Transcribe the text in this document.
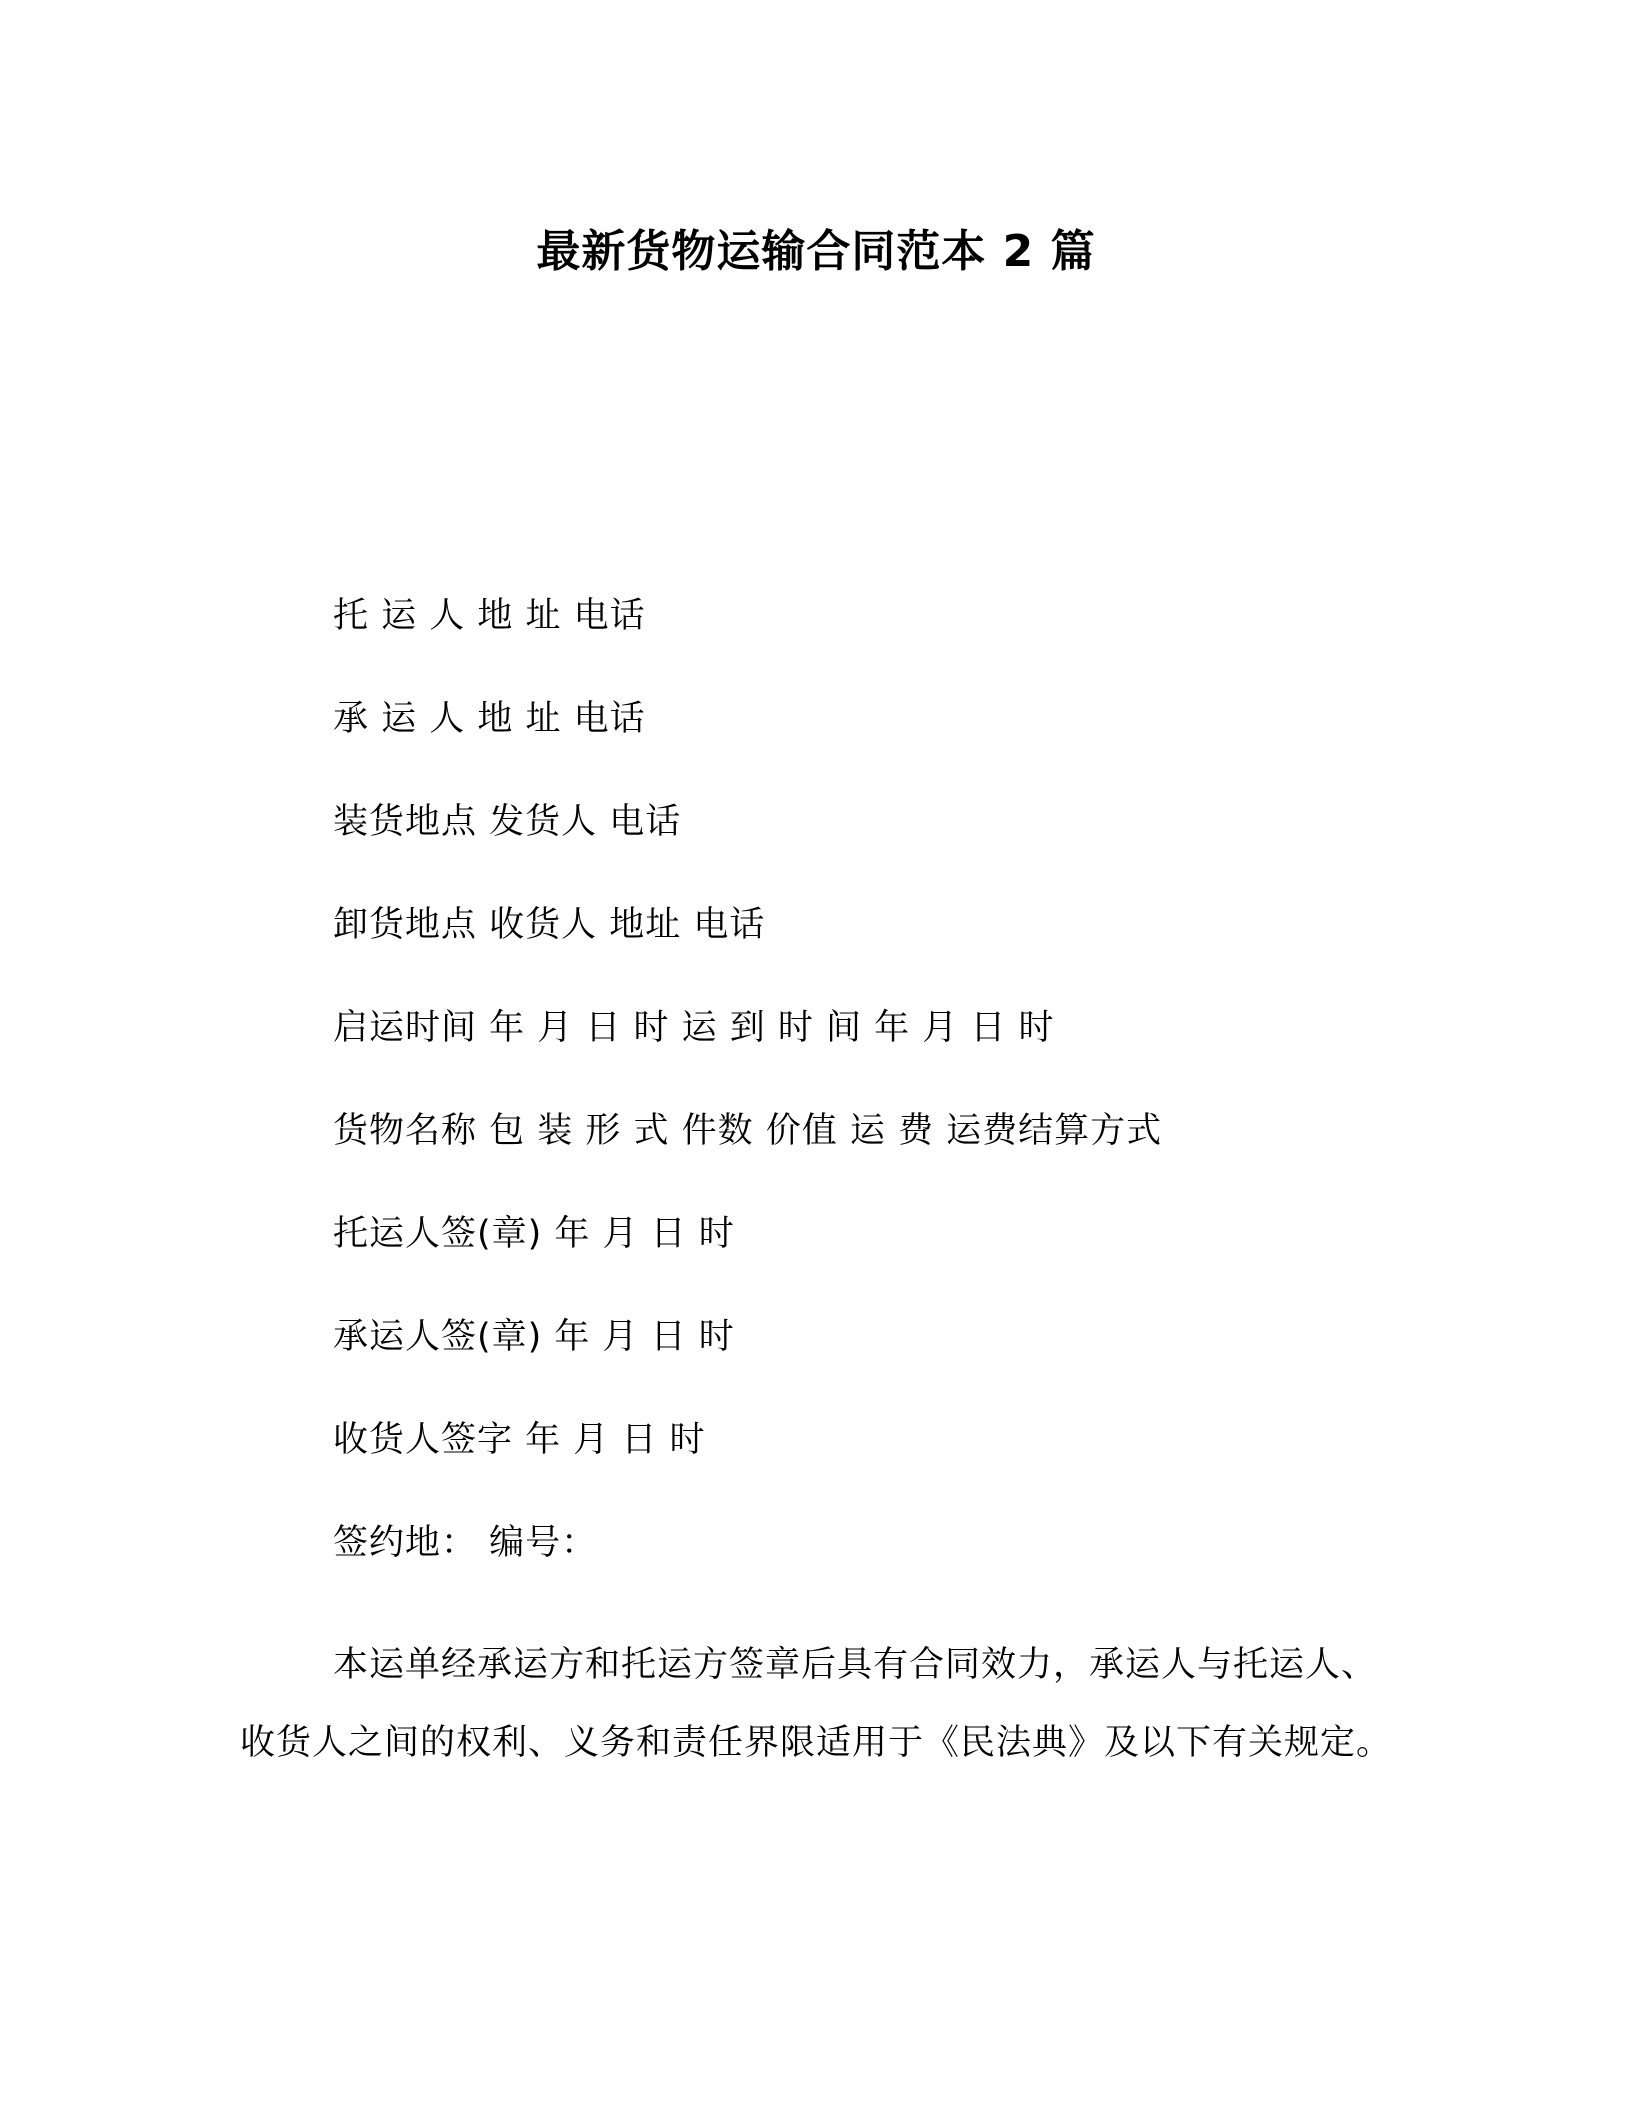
最新货物运输合同范本 2 篇
托 运 人 地 址 电话
承 运 人 地 址 电话
装货地点 发货人 电话
卸货地点 收货人 地址 电话
启运时间 年 月 日 时 运 到 时 间 年 月 日 时
货物名称 包 装 形 式 件数 价值 运 费 运费结算方式
托运人签(章) 年 月 日 时
承运人签(章) 年 月 日 时
收货人签字 年 月 日 时
签约地： 编号：
本运单经承运方和托运方签章后具有合同效力，承运人与托运人、收货人之间的权利、义务和责任界限适用于《民法典》及以下有关规定。
